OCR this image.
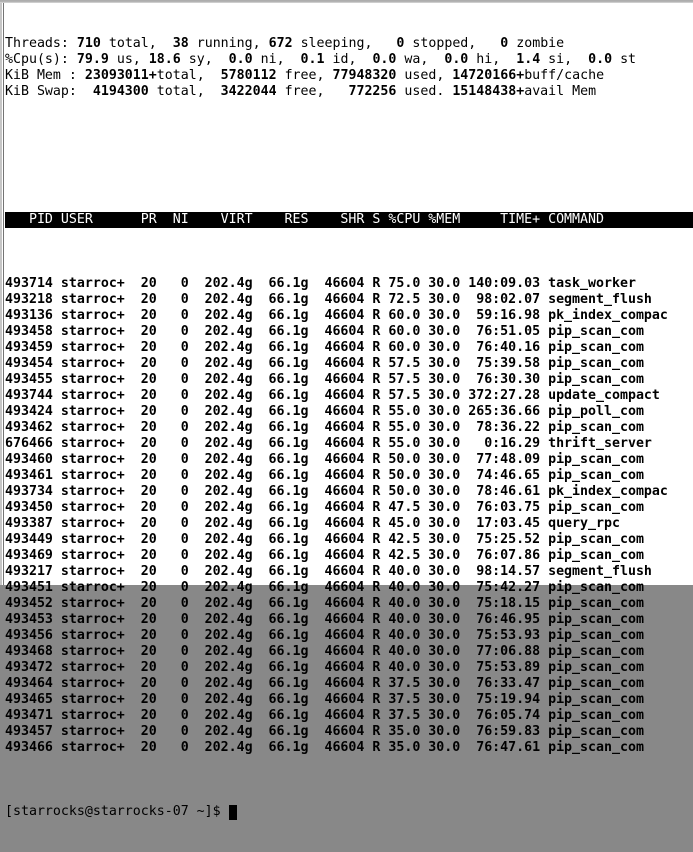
Threads: 710 total,  38 running, 672 sleeping,   0 stopped,   0 zombie
%Cpu(s): 79.9 us, 18.6 sy,  0.0 ni,  0.1 id,  0.0 wa,  0.0 hi,  1.4 si,  0.0 st
KiB Mem : 23093011+total,  5780112 free, 77948320 used, 14720166+buff/cache
KiB Swap:  4194300 total,  3422044 free,   772256 used. 15148438+avail Mem

PID USER      PR  NI    VIRT    RES    SHR S %CPU %MEM     TIME+ COMMAND

493714 starroc+  20   0  202.4g  66.1g  46604 R 75.0 30.0 140:09.03 task_worker
493218 starroc+  20   0  202.4g  66.1g  46604 R 72.5 30.0  98:02.07 segment_flush
493136 starroc+  20   0  202.4g  66.1g  46604 R 60.0 30.0  59:16.98 pk_index_compac
493458 starroc+  20   0  202.4g  66.1g  46604 R 60.0 30.0  76:51.05 pip_scan_com
493459 starroc+  20   0  202.4g  66.1g  46604 R 60.0 30.0  76:40.16 pip_scan_com
493454 starroc+  20   0  202.4g  66.1g  46604 R 57.5 30.0  75:39.58 pip_scan_com
493455 starroc+  20   0  202.4g  66.1g  46604 R 57.5 30.0  76:30.30 pip_scan_com
493744 starroc+  20   0  202.4g  66.1g  46604 R 57.5 30.0 372:27.28 update_compact
493424 starroc+  20   0  202.4g  66.1g  46604 R 55.0 30.0 265:36.66 pip_poll_com
493462 starroc+  20   0  202.4g  66.1g  46604 R 55.0 30.0  78:36.22 pip_scan_com
676466 starroc+  20   0  202.4g  66.1g  46604 R 55.0 30.0   0:16.29 thrift_server
493460 starroc+  20   0  202.4g  66.1g  46604 R 50.0 30.0  77:48.09 pip_scan_com
493461 starroc+  20   0  202.4g  66.1g  46604 R 50.0 30.0  74:46.65 pip_scan_com
493734 starroc+  20   0  202.4g  66.1g  46604 R 50.0 30.0  78:46.61 pk_index_compac
493450 starroc+  20   0  202.4g  66.1g  46604 R 47.5 30.0  76:03.75 pip_scan_com
493387 starroc+  20   0  202.4g  66.1g  46604 R 45.0 30.0  17:03.45 query_rpc
493449 starroc+  20   0  202.4g  66.1g  46604 R 42.5 30.0  75:25.52 pip_scan_com
493469 starroc+  20   0  202.4g  66.1g  46604 R 42.5 30.0  76:07.86 pip_scan_com
493217 starroc+  20   0  202.4g  66.1g  46604 R 40.0 30.0  98:14.57 segment_flush
493451 starroc+  20   0  202.4g  66.1g  46604 R 40.0 30.0  75:42.27 pip_scan_com
493452 starroc+  20   0  202.4g  66.1g  46604 R 40.0 30.0  75:18.15 pip_scan_com
493453 starroc+  20   0  202.4g  66.1g  46604 R 40.0 30.0  76:46.95 pip_scan_com
493456 starroc+  20   0  202.4g  66.1g  46604 R 40.0 30.0  75:53.93 pip_scan_com
493468 starroc+  20   0  202.4g  66.1g  46604 R 40.0 30.0  77:06.88 pip_scan_com
493472 starroc+  20   0  202.4g  66.1g  46604 R 40.0 30.0  75:53.89 pip_scan_com
493464 starroc+  20   0  202.4g  66.1g  46604 R 37.5 30.0  76:33.47 pip_scan_com
493465 starroc+  20   0  202.4g  66.1g  46604 R 37.5 30.0  75:19.94 pip_scan_com
493471 starroc+  20   0  202.4g  66.1g  46604 R 37.5 30.0  76:05.74 pip_scan_com
493457 starroc+  20   0  202.4g  66.1g  46604 R 35.0 30.0  76:59.83 pip_scan_com
493466 starroc+  20   0  202.4g  66.1g  46604 R 35.0 30.0  76:47.61 pip_scan_com

[starrocks@starrocks-07 ~]$
